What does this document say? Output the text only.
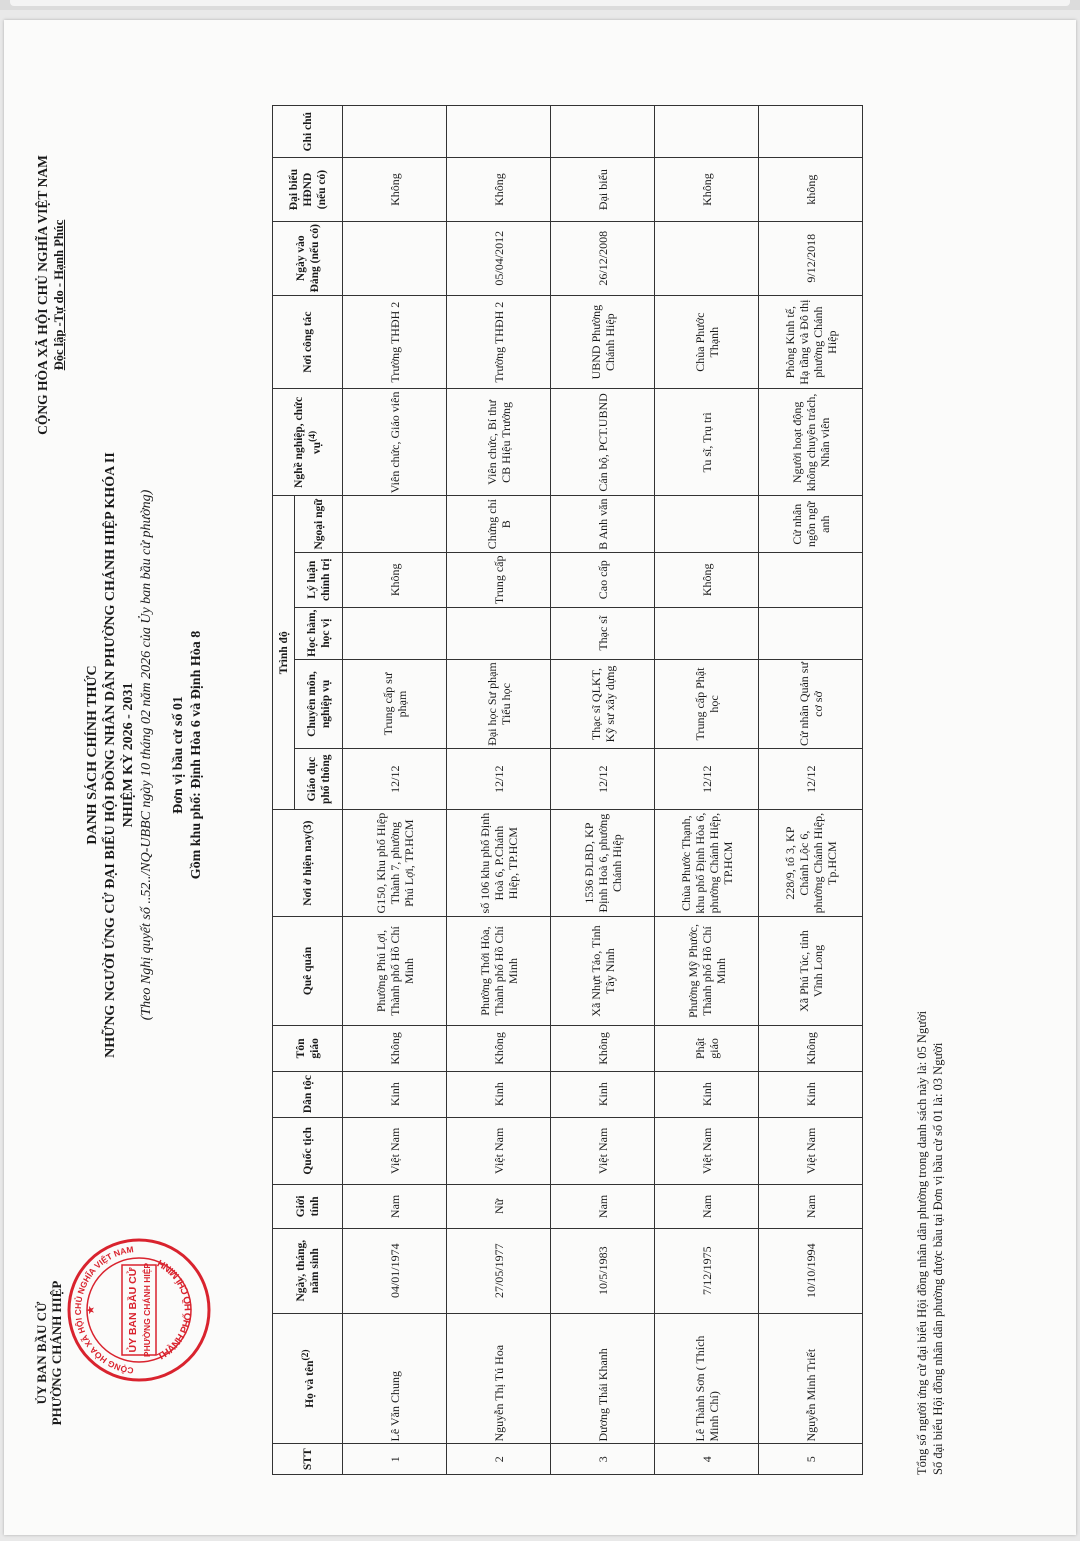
ỦY BAN BẦU CỬ PHƯỜNG CHÁNH HIỆP	CỘNG HÒA XÃ HỘI CHỦ NGHĨA VIỆT NAM
THÀNH PHỐ HỒ CHÍ MINH
ỦY BAN BẦU CỬ PHƯỜNG CHÁNH HIỆP
★
CỘNG HÒA XÃ HỘI CHỦ NGHĨA VIỆT NAM Độc lập -Tự do - Hạnh Phúc
DANH SÁCH CHÍNH THỨC NHỮNG NGƯỜI ỨNG CỬ ĐẠI BIỂU HỘI ĐỒNG NHÂN DÂN PHƯỜNG CHÁNH HIỆP KHÓA II NHIỆM KỲ 2026 - 2031 (Theo Nghị quyết số ..52../NQ-UBBC ngày 10 tháng 02 năm 2026 của Ủy ban bầu cử phường) Đơn vị bầu cử số 01 Gồm khu phố: Định Hòa 6 và Định Hòa 8
STT	Họ và tên$^{(2)}$	Ngày, tháng, năm sinh	Giới tính	Quốc tịch	Dân tộc	Tôn giáo	Quê quán	Nơi ở hiện nay(3)	Trình độ					Nghề nghiệp, chức vụ$^{(4)}$	Nơi công tác	Ngày vào Đảng (nếu có)	Đại biểu HĐND (nếu có)	Ghi chú
									Giáo dục phổ thông	Chuyên môn, nghiệp vụ	Học hàm, học vị	Lý luận chính trị	Ngoại ngữ					
1	Lê Văn Chung	04/01/1974	Nam	Việt Nam	Kinh	Không	Phường Phú Lợi, Thành phố Hồ Chí Minh	G150, Khu phố Hiệp Thành 7, phường Phú Lợi, TP.HCM	12/12	Trung cấp sư phạm		Không		Viên chức, Giáo viên	Trường THĐH 2		Không	
2	Nguyễn Thị Tú Hoa	27/05/1977	Nữ	Việt Nam	Kinh	Không	Phường Thới Hòa, Thành phố Hồ Chí Minh	số 106 khu phố Định Hoà 6, P.Chánh Hiệp, TP.HCM	12/12	Đại học Sư phạm Tiểu học		Trung cấp	Chứng chỉ B	Viên chức, Bí thư CB Hiệu Trưởng	Trường THĐH 2	05/04/2012	Không	
3	Dương Thái Khanh	10/5/1983	Nam	Việt Nam	Kinh	Không	Xã Nhựt Tảo, Tỉnh Tây Ninh	1536 ĐLBD, KP Định Hoà 6, phường Chánh Hiệp	12/12	Thạc sĩ QLKT, Kỹ sư xây dựng	Thạc sĩ	Cao cấp	B Anh văn	Cán bộ, PCT.UBND	UBND Phường Chánh Hiệp	26/12/2008	Đại biểu	
4	Lê Thành Sơn ( Thích Minh Chí)	7/12/1975	Nam	Việt Nam	Kinh	Phật giáo	Phường Mỹ Phước, Thành phố Hồ Chí Minh	Chùa Phước Thạnh, khu phố Định Hòa 6, phường Chánh Hiệp, TP.HCM	12/12	Trung cấp Phật học		Không		Tu sĩ, Trụ trì	Chùa Phước Thạnh		Không	
5	Nguyễn Minh Triết	10/10/1994	Nam	Việt Nam	Kinh	Không	Xã Phú Túc, tỉnh Vĩnh Long	228/9, tổ 3, KP Chánh Lộc 6, phường Chánh Hiệp, Tp.HCM	12/12	Cử nhân Quản sư cơ sở			Cử nhân ngôn ngữ anh	Người hoạt động không chuyên trách, Nhân viên	Phòng Kinh tế, Hạ tầng và Đô thị phường Chánh Hiệp	9/12/2018	không	
Tổng số người ứng cử đại biểu Hội đồng nhân dân phường trong danh sách này là: 05 Người Số đại biểu Hội đồng nhân dân phường được bầu tại Đơn vị bầu cử số 01 là: 03 Người
